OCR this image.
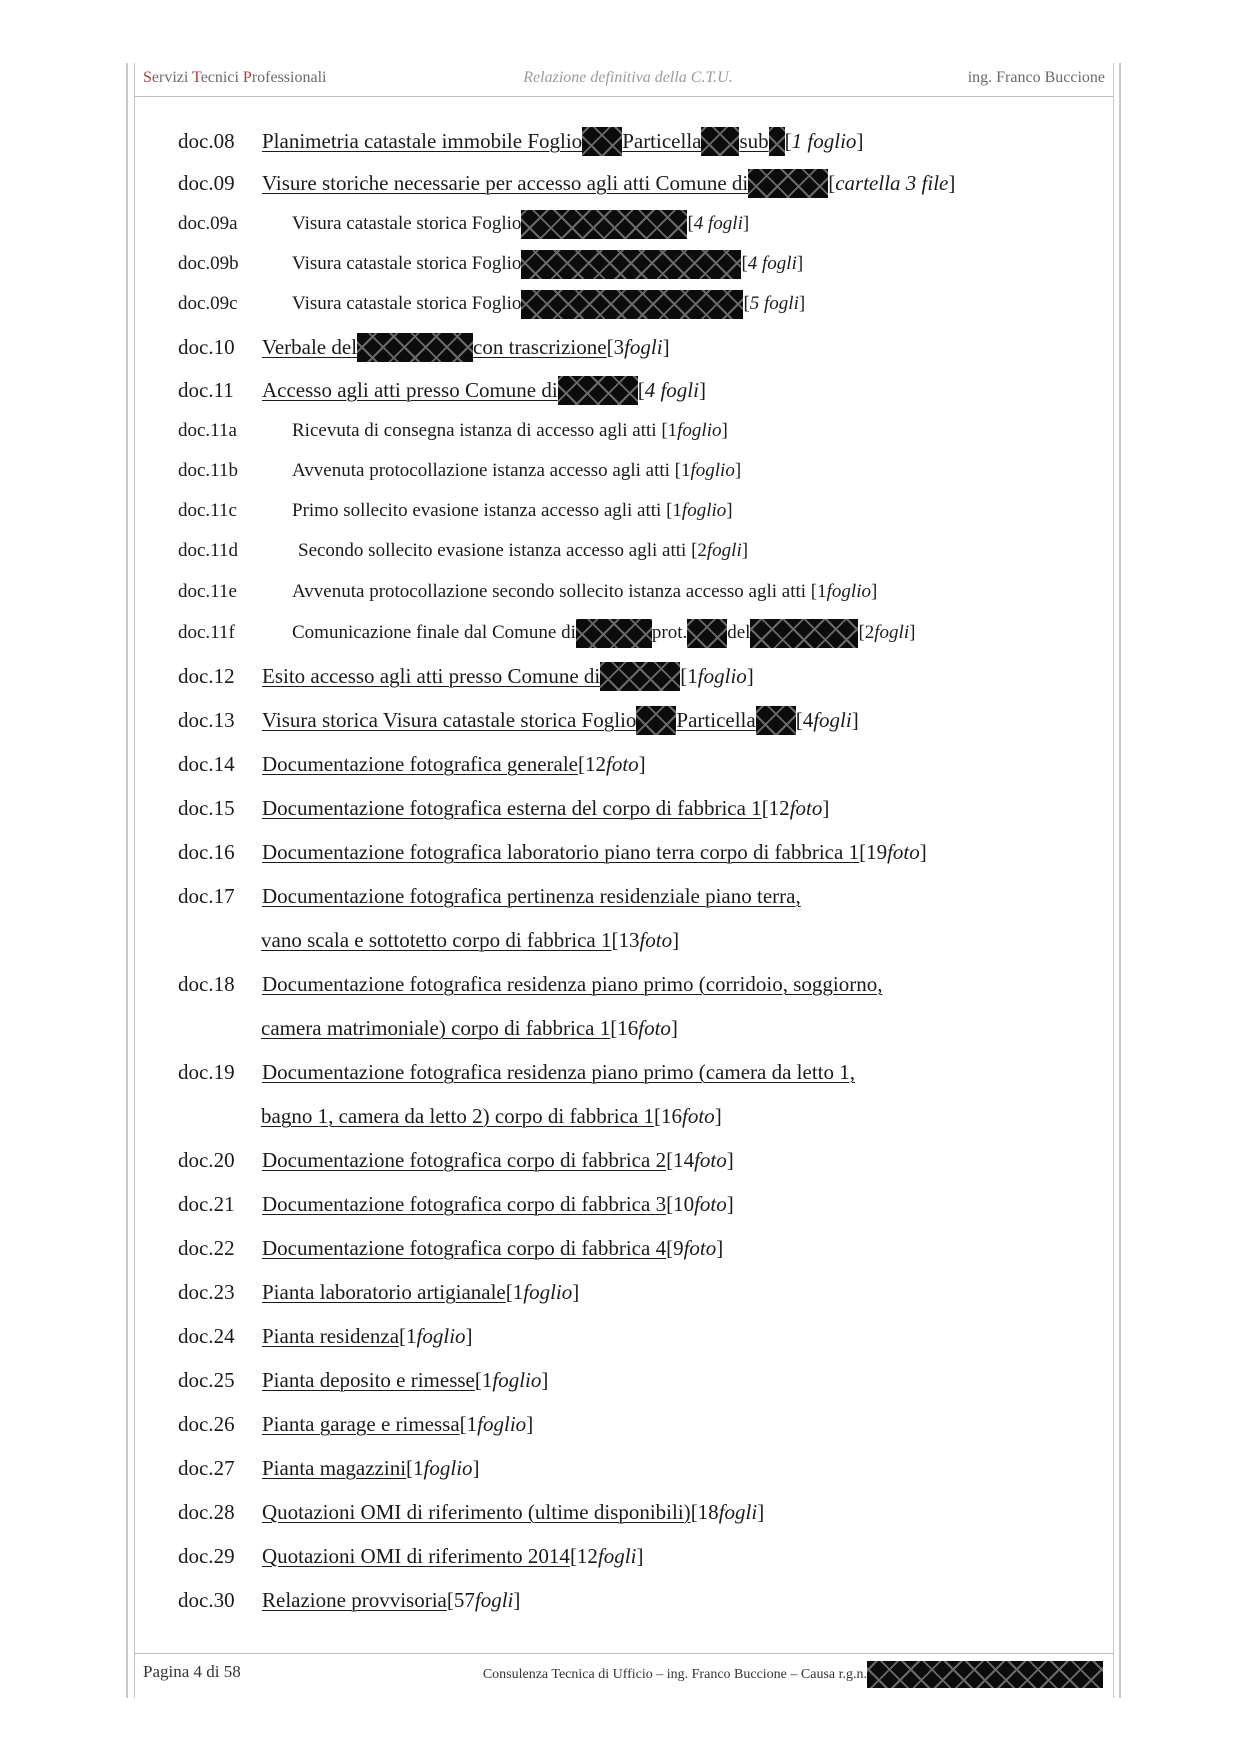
Servizi Tecnici Professionali	Relazione definitiva della C.T.U.	ing. Franco Buccione
doc.08 Planimetria catastale immobile Foglio Particella sub [ 1 foglio ]
doc.09 Visure storiche necessarie per accesso agli atti Comune di	[ cartella 3 file ]
doc.09a	Visura catastale storica Foglio	[ 4 fogli ]
doc.09b	Visura catastale storica Foglio	[ 4 fogli ]
doc.09c	Visura catastale storica Foglio	[ 5 fogli ]
doc.10 Verbale del	con trascrizione [3 fogli ]
doc.11 Accesso agli atti presso Comune di	[ 4 fogli ]
doc.11a	Ricevuta di consegna istanza di accesso agli atti [1 foglio ]
doc.11b	Avvenuta protocollazione istanza accesso agli atti [1 foglio ]
doc.11c	Primo sollecito evasione istanza accesso agli atti [1 foglio ]
doc.11d	Secondo sollecito evasione istanza accesso agli atti [2 fogli ]
doc.11e	Avvenuta protocollazione secondo sollecito istanza accesso agli atti [1 foglio ]
doc.11f	Comunicazione finale dal Comune di	prot. del	[2 fogli ]
doc.12 Esito accesso agli atti presso Comune di	[1 foglio ]
doc.13 Visura storica Visura catastale storica Foglio Particella [4 fogli ]
doc.14 Documentazione fotografica generale [12 foto ]
doc.15 Documentazione fotografica esterna del corpo di fabbrica 1 [12 foto ]
doc.16 Documentazione fotografica laboratorio piano terra corpo di fabbrica 1 [19 foto ]
doc.17 Documentazione fotografica pertinenza residenziale piano terra,
vano scala e sottotetto corpo di fabbrica 1 [13 foto ]
doc.18 Documentazione fotografica residenza piano primo (corridoio, soggiorno,
camera matrimoniale) corpo di fabbrica 1 [16 foto ]
doc.19 Documentazione fotografica residenza piano primo (camera da letto 1,
bagno 1, camera da letto 2) corpo di fabbrica 1 [16 foto ]
doc.20 Documentazione fotografica corpo di fabbrica 2 [14 foto ]
doc.21 Documentazione fotografica corpo di fabbrica 3 [10 foto ]
doc.22 Documentazione fotografica corpo di fabbrica 4 [9 foto ]
doc.23 Pianta laboratorio artigianale [1 foglio ]
doc.24 Pianta residenza [1 foglio ]
doc.25 Pianta deposito e rimesse [1 foglio ]
doc.26 Pianta garage e rimessa [1 foglio ]
doc.27 Pianta magazzini [1 foglio ]
doc.28 Quotazioni OMI di riferimento (ultime disponibili) [18 fogli ]
doc.29 Quotazioni OMI di riferimento 2014 [12 fogli ]
doc.30 Relazione provvisoria [57 fogli ]
Pagina 4 di 58	Consulenza Tecnica di Ufficio – ing. Franco Buccione – Causa r.g.n.
